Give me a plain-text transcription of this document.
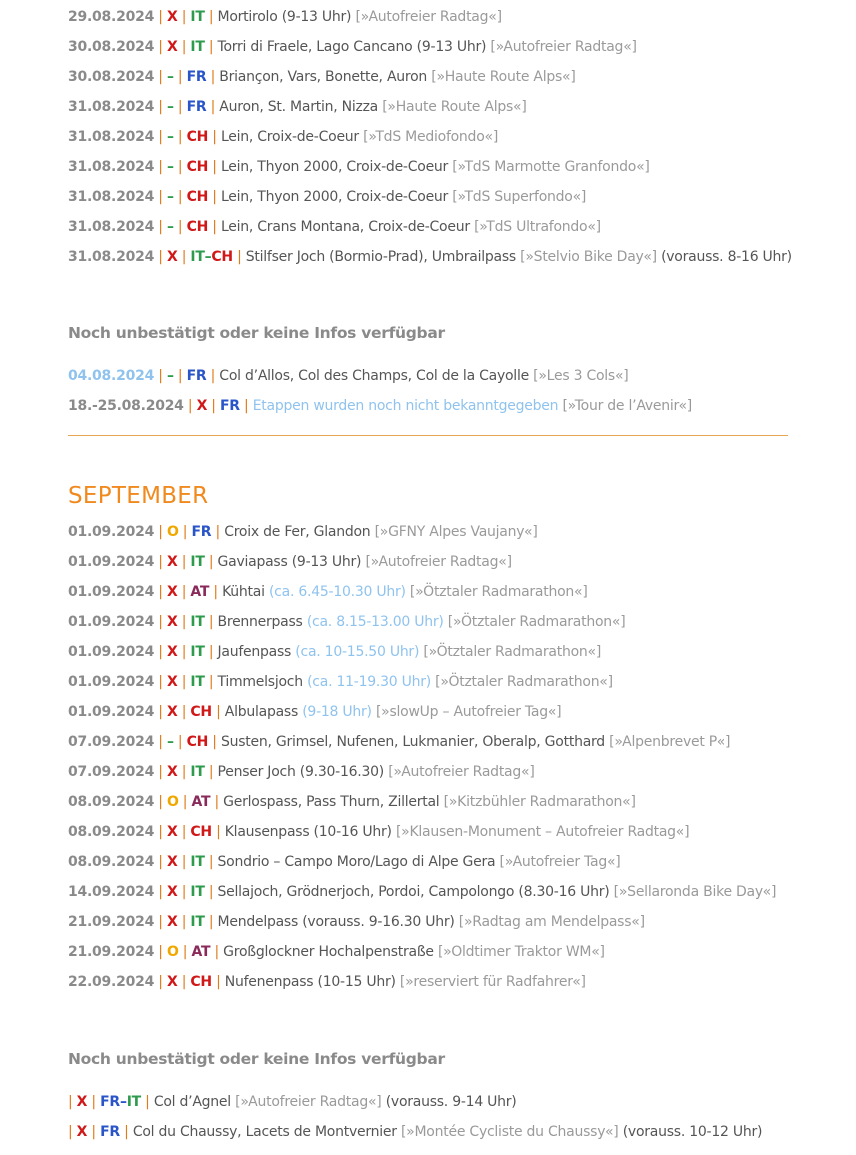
29.08.2024 | X | IT | Mortirolo (9-13 Uhr) [»Autofreier Radtag«]
30.08.2024 | X | IT | Torri di Fraele, Lago Cancano (9-13 Uhr) [»Autofreier Radtag«]
30.08.2024 | – | FR | Briançon, Vars, Bonette, Auron [»Haute Route Alps«]
31.08.2024 | – | FR | Auron, St. Martin, Nizza [»Haute Route Alps«]
31.08.2024 | – | CH | Lein, Croix-de-Coeur [»TdS Mediofondo«]
31.08.2024 | – | CH | Lein, Thyon 2000, Croix-de-Coeur [»TdS Marmotte Granfondo«]
31.08.2024 | – | CH | Lein, Thyon 2000, Croix-de-Coeur [»TdS Superfondo«]
31.08.2024 | – | CH | Lein, Crans Montana, Croix-de-Coeur [»TdS Ultrafondo«]
31.08.2024 | X | IT–CH | Stilfser Joch (Bormio-Prad), Umbrailpass [»Stelvio Bike Day«] (vorauss. 8-16 Uhr)
Noch unbestätigt oder keine Infos verfügbar
04.08.2024 | – | FR | Col d’Allos, Col des Champs, Col de la Cayolle [»Les 3 Cols«]
18.-25.08.2024 | X | FR | Etappen wurden noch nicht bekanntgegeben [»Tour de l’Avenir«]
SEPTEMBER
01.09.2024 | O | FR | Croix de Fer, Glandon [»GFNY Alpes Vaujany«]
01.09.2024 | X | IT | Gaviapass (9-13 Uhr) [»Autofreier Radtag«]
01.09.2024 | X | AT | Kühtai (ca. 6.45-10.30 Uhr) [»Ötztaler Radmarathon«]
01.09.2024 | X | IT | Brennerpass (ca. 8.15-13.00 Uhr) [»Ötztaler Radmarathon«]
01.09.2024 | X | IT | Jaufenpass (ca. 10-15.50 Uhr) [»Ötztaler Radmarathon«]
01.09.2024 | X | IT | Timmelsjoch (ca. 11-19.30 Uhr) [»Ötztaler Radmarathon«]
01.09.2024 | X | CH | Albulapass (9-18 Uhr) [»slowUp – Autofreier Tag«]
07.09.2024 | – | CH | Susten, Grimsel, Nufenen, Lukmanier, Oberalp, Gotthard [»Alpenbrevet P«]
07.09.2024 | X | IT | Penser Joch (9.30-16.30) [»Autofreier Radtag«]
08.09.2024 | O | AT | Gerlospass, Pass Thurn, Zillertal [»Kitzbühler Radmarathon«]
08.09.2024 | X | CH | Klausenpass (10-16 Uhr) [»Klausen-Monument – Autofreier Radtag«]
08.09.2024 | X | IT | Sondrio – Campo Moro/Lago di Alpe Gera [»Autofreier Tag«]
14.09.2024 | X | IT | Sellajoch, Grödnerjoch, Pordoi, Campolongo (8.30-16 Uhr) [»Sellaronda Bike Day«]
21.09.2024 | X | IT | Mendelpass (vorauss. 9-16.30 Uhr) [»Radtag am Mendelpass«]
21.09.2024 | O | AT | Großglockner Hochalpenstraße [»Oldtimer Traktor WM«]
22.09.2024 | X | CH | Nufenenpass (10-15 Uhr) [»reserviert für Radfahrer«]
Noch unbestätigt oder keine Infos verfügbar
| X | FR–IT | Col d’Agnel [»Autofreier Radtag«] (vorauss. 9-14 Uhr)
| X | FR | Col du Chaussy, Lacets de Montvernier [»Montée Cycliste du Chaussy«] (vorauss. 10-12 Uhr)
